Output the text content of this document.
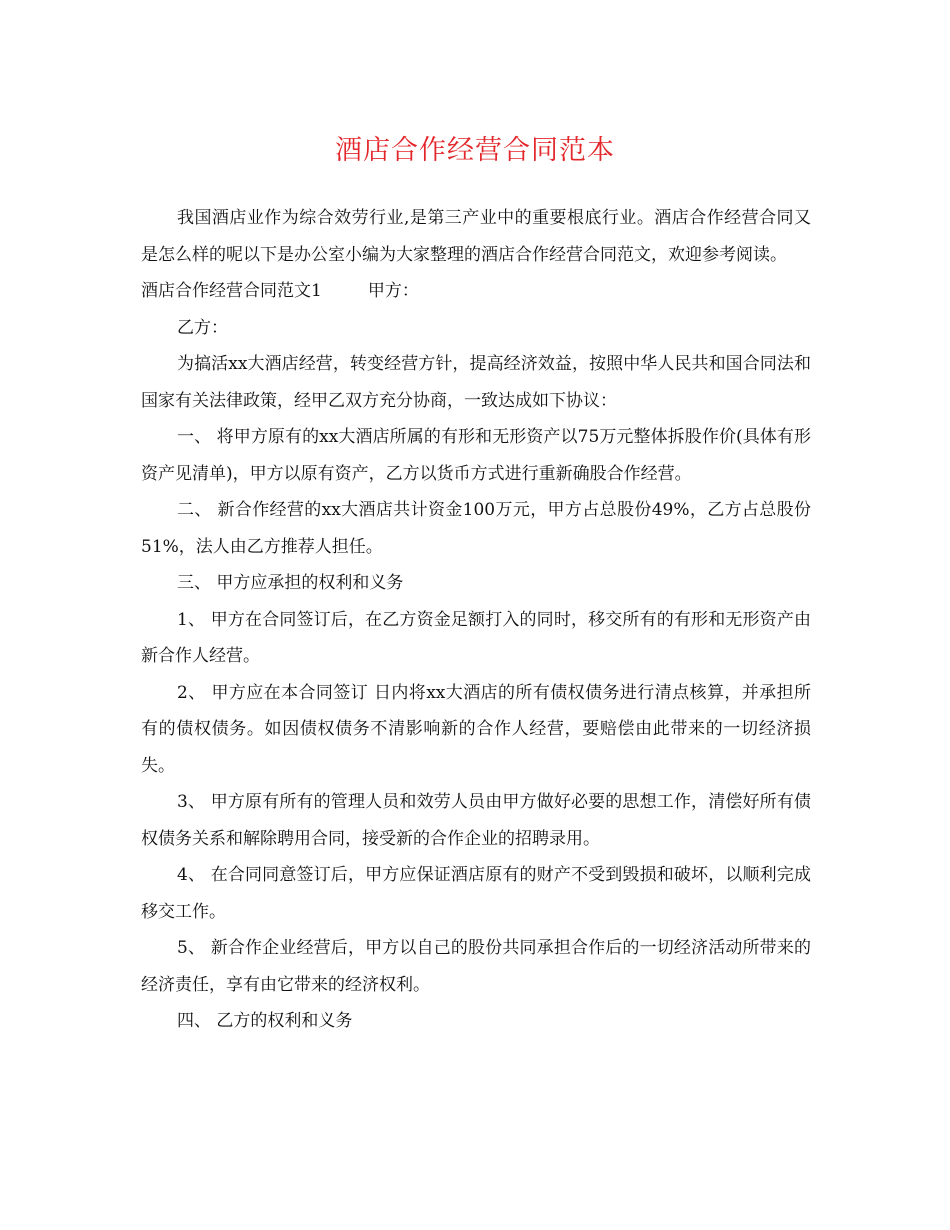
酒店合作经营合同范本

我国酒店业作为综合效劳行业,是第三产业中的重要根底行业。酒店合作经营合同又是怎么样的呢以下是办公室小编为大家整理的酒店合作经营合同范文，欢迎参考阅读。

酒店合作经营合同范文1	甲方：

乙方：

为搞活xx大酒店经营，转变经营方针，提高经济效益，按照中华人民共和国合同法和国家有关法律政策，经甲乙双方充分协商，一致达成如下协议：

一、 将甲方原有的xx大酒店所属的有形和无形资产以75万元整体拆股作价(具体有形资产见清单)，甲方以原有资产，乙方以货币方式进行重新确股合作经营。

二、 新合作经营的xx大酒店共计资金100万元，甲方占总股份49%，乙方占总股份51%，法人由乙方推荐人担任。

三、 甲方应承担的权利和义务

1、 甲方在合同签订后，在乙方资金足额打入的同时，移交所有的有形和无形资产由新合作人经营。

2、 甲方应在本合同签订 日内将xx大酒店的所有债权债务进行清点核算，并承担所有的债权债务。如因债权债务不清影响新的合作人经营，要赔偿由此带来的一切经济损失。

3、 甲方原有所有的管理人员和效劳人员由甲方做好必要的思想工作，清偿好所有债权债务关系和解除聘用合同，接受新的合作企业的招聘录用。

4、 在合同同意签订后，甲方应保证酒店原有的财产不受到毁损和破坏，以顺利完成移交工作。

5、 新合作企业经营后，甲方以自己的股份共同承担合作后的一切经济活动所带来的经济责任，享有由它带来的经济权利。

四、 乙方的权利和义务
